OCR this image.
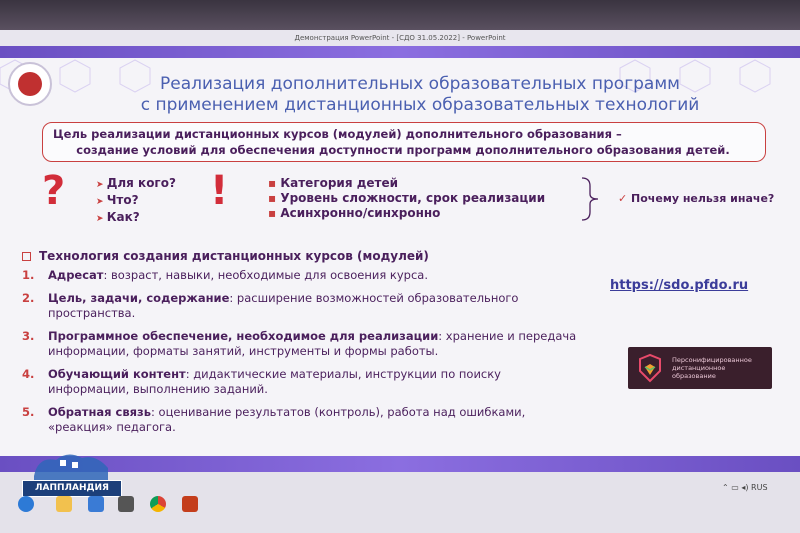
Демонстрация PowerPoint - [СДО 31.05.2022] - PowerPoint
Реализация дополнительных образовательных программ
с применением дистанционных образовательных технологий
Цель реализации дистанционных курсов (модулей) дополнительного образования –
создание условий для обеспечения доступности программ дополнительного образования детей.
?	➤ Для кого?
➤ Что?
➤ Как?
!	▪ Категория детей
▪ Уровень сложности, срок реализации
▪ Асинхронно/синхронно
✓ Почему нельзя иначе?
Технология создания дистанционных курсов (модулей)
1.	Адресат: возраст, навыки, необходимые для освоения курса.
2.	Цель, задачи, содержание: расширение возможностей образовательного пространства.
3.	Программное обеспечение, необходимое для реализации: хранение и передача информации, форматы занятий, инструменты и формы работы.
4.	Обучающий контент: дидактические материалы, инструкции по поиску информации, выполнению заданий.
5.	Обратная связь: оценивание результатов (контроль), работа над ошибками, «реакция» педагога.
https://sdo.pfdo.ru
Персонифицированное
дистанционное
образование
ЛАППЛАНДИЯ	⌃ ▭ ◂) RUS
